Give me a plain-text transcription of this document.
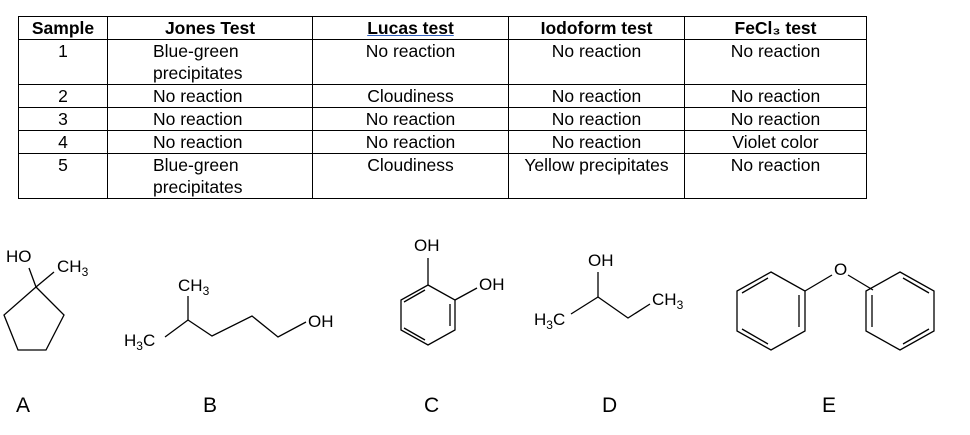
Sample	Jones Test	Lucas test	Iodoform test	FeCl₃ test
1	Blue-green precipitates	No reaction	No reaction	No reaction
2	No reaction	Cloudiness	No reaction	No reaction
3	No reaction	No reaction	No reaction	No reaction
4	No reaction	No reaction	No reaction	Violet color
5	Blue-green precipitates	Cloudiness	Yellow precipitates	No reaction
HO
$CH_3$
A
$CH_3$
$H_3C$
OH
B
OH
OH
C
OH
$H_3C$
$CH_3$
D
O
E
